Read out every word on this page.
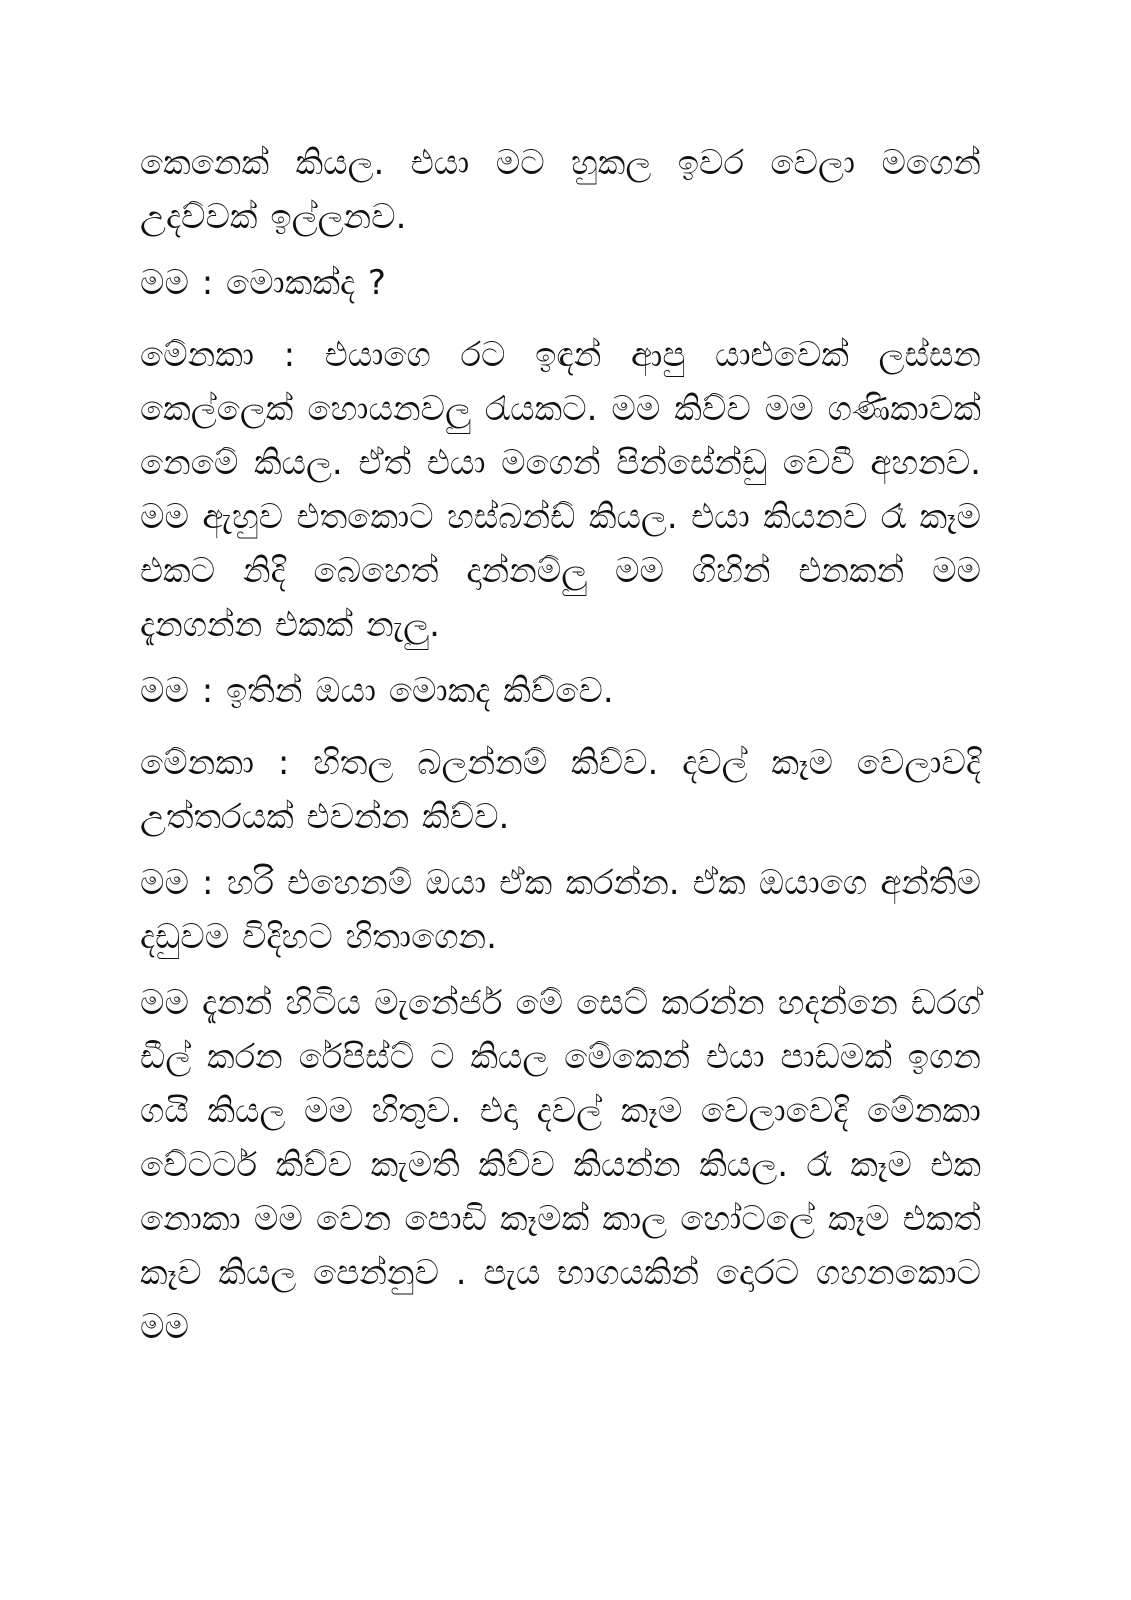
කෙනෙක් කියල. එයා මට හුකල ඉවර වෙලා මගෙන් උදව්වක් ඉල්ලනව.

මම : මොකක්ද ?

මේනකා : එයාගෙ රට ඉඳන් ආපු යාළුවෙක් ලස්සන කෙල්ලෙක් හොයනවලු රැයකට. මම කිව්ව මම ගණිකාවක් නෙමේ කියල. ඒත් එයා මගෙන් පින්සේන්ඩු වෙවී අහනව. මම ඇහුව එතකොට හස්බන්ඩ් කියල. එයා කියනව රෑ කෑම එකට නිදි බෙහෙත් දාන්නම්ලු මම ගිහින් එනකන් මම දැනගන්න එකක් නැලු.

මම : ඉතින් ඔයා මොකද කිව්වෙ.

මේනකා : හිතල බලන්නම් කිව්ව. දවල් කෑම වෙලාවදි උත්තරයක් එවන්න කිව්ව.

මම : හරි එහෙනම් ඔයා ඒක කරන්න. ඒක ඔයාගෙ අන්තිම දඩුවම විදිහට හිතාගෙන.

මම දැනන් හිටිය මැනේජර් මේ සෙට් කරන්න හදන්නෙ ඩරග් ඩීල් කරන රේපිස්ට් ට කියල මේකෙන් එයා පාඩමක් ඉගන ගයි කියල මම හිතුව. එදා දවල් කෑම වෙලාවෙදි මේනකා වේටර්ට කිව්ව කැමති කිව්ව කියන්න කියල. රෑ කෑම එක නොකා මම වෙන පොඩි කෑමක් කාල හෝටලේ කෑම එකත් කෑව කියල පෙන්නුව . පැය භාගයකින් දොරට ගහනකොට මම
